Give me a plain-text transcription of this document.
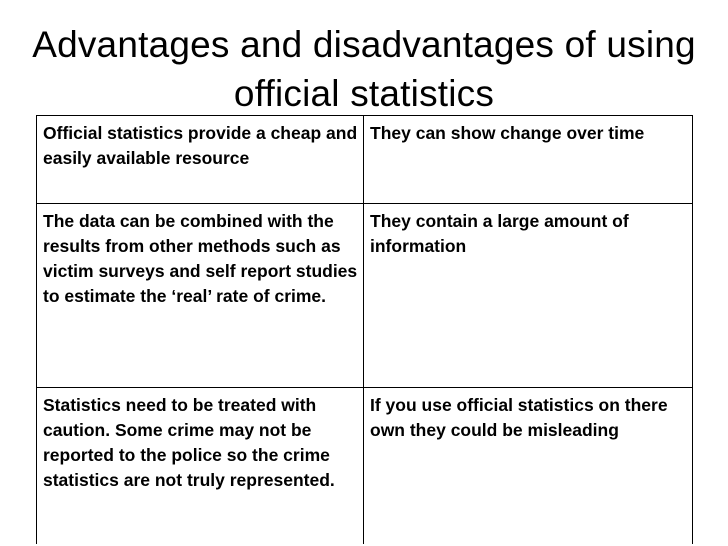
Advantages and disadvantages of using
official statistics
Official statistics provide a cheap and easily available resource	They can show change over time
The data can be combined with the results from other methods such as victim surveys and self report studies to estimate the ‘real’ rate of crime.	They contain a large amount of information
Statistics need to be treated with caution. Some crime may not be reported to the police so the crime statistics are not truly represented.	If you use official statistics on there own they could be misleading
